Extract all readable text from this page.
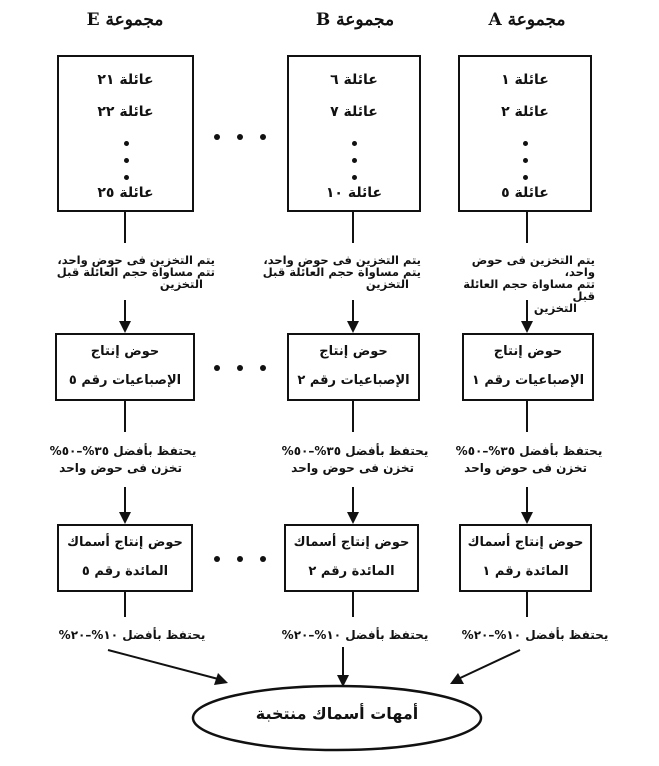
مجموعة A
مجموعة B
مجموعة E
عائلة ١
عائلة ٢
عائلة ٥
عائلة ٦
عائلة ٧
عائلة ١٠
عائلة ٢١
عائلة ٢٢
عائلة ٢٥
يتم التخزين فى حوض واحد،
تتم مساواة حجم العائلة قبل
التخزين
يتم التخزين فى حوض واحد،
يتم مساواة حجم العائلة قبل
التخزين
يتم التخزين فى حوض واحد،
تتم مساواة حجم العائلة قبل
التخزين
حوض إنتاج
الإصباعيات رقم ١
حوض إنتاج
الإصباعيات رقم ٢
حوض إنتاج
الإصباعيات رقم ٥
يحتفظ بأفضل ٣٥%–٥٠%
تخزن فى حوض واحد
يحتفظ بأفضل ٣٥%–٥٠%
تخزن فى حوض واحد
يحتفظ بأفضل ٣٥%–٥٠%
تخزن فى حوض واحد
حوض إنتاج أسماك
المائدة رقم ١
حوض إنتاج أسماك
المائدة رقم ٢
حوض إنتاج أسماك
المائدة رقم ٥
يحتفظ بأفضل ١٠%–٢٠%
يحتفظ بأفضل ١٠%–٢٠%
يحتفظ بأفضل ١٠%–٢٠%
أمهات أسماك منتخبة
